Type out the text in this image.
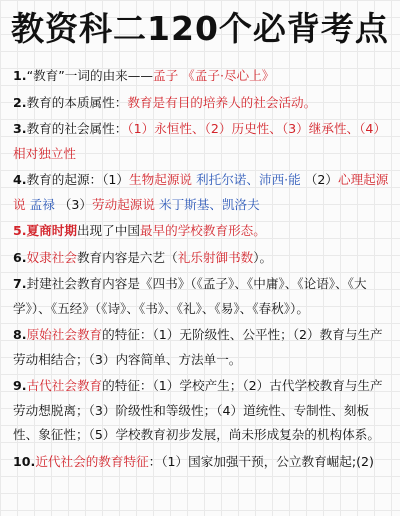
教资科二120个必背考点
1.“教育”一词的由来——孟子 《孟子·尽心上》
2.教育的本质属性：教育是有目的培养人的社会活动。
3.教育的社会属性：（1）永恒性、（2）历史性、（3）继承性、（4）相对独立性
4.教育的起源：（1）生物起源说 利托尔诺、沛西·能 （2）心理起源说 孟禄 （3）劳动起源说 米丁斯基、凯洛夫
5.夏商时期出现了中国最早的学校教育形态。
6.奴隶社会教育内容是六艺（礼乐射御书数）。
7.封建社会教育内容是《四书》（《孟子》、《中庸》、《论语》、《大学》）、《五经》（《诗》、《书》、《礼》、《易》、《春秋》）。
8.原始社会教育的特征：（1）无阶级性、公平性；（2）教育与生产劳动相结合；（3）内容简单、方法单一。
9.古代社会教育的特征：（1）学校产生；（2）古代学校教育与生产劳动想脱离；（3）阶级性和等级性；（4）道统性、专制性、刻板性、象征性；（5）学校教育初步发展，尚未形成复杂的机构体系。
10.近代社会的教育特征：（1）国家加强干预，公立教育崛起;(2)
